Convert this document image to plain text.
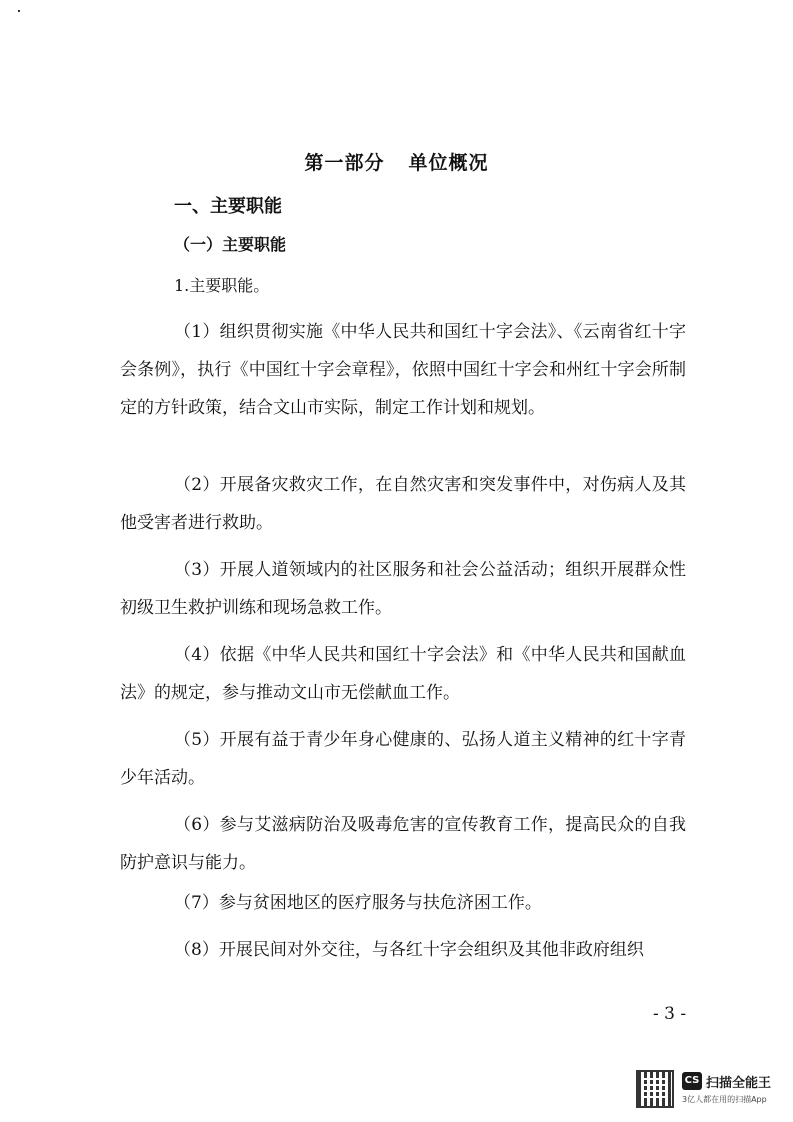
第一部分 单位概况
一、主要职能
（一）主要职能
1.主要职能。

（1）组织贯彻实施《中华人民共和国红十字会法》、《云南省红十字会条例》，执行《中国红十字会章程》，依照中国红十字会和州红十字会所制定的方针政策，结合文山市实际，制定工作计划和规划。

（2）开展备灾救灾工作，在自然灾害和突发事件中，对伤病人及其他受害者进行救助。

（3）开展人道领域内的社区服务和社会公益活动；组织开展群众性初级卫生救护训练和现场急救工作。

（4）依据《中华人民共和国红十字会法》和《中华人民共和国献血法》的规定，参与推动文山市无偿献血工作。

（5）开展有益于青少年身心健康的、弘扬人道主义精神的红十字青少年活动。

（6）参与艾滋病防治及吸毒危害的宣传教育工作，提高民众的自我防护意识与能力。

（7）参与贫困地区的医疗服务与扶危济困工作。

（8）开展民间对外交往，与各红十字会组织及其他非政府组织

- 3 -
CS 扫描全能王
3亿人都在用的扫描App
